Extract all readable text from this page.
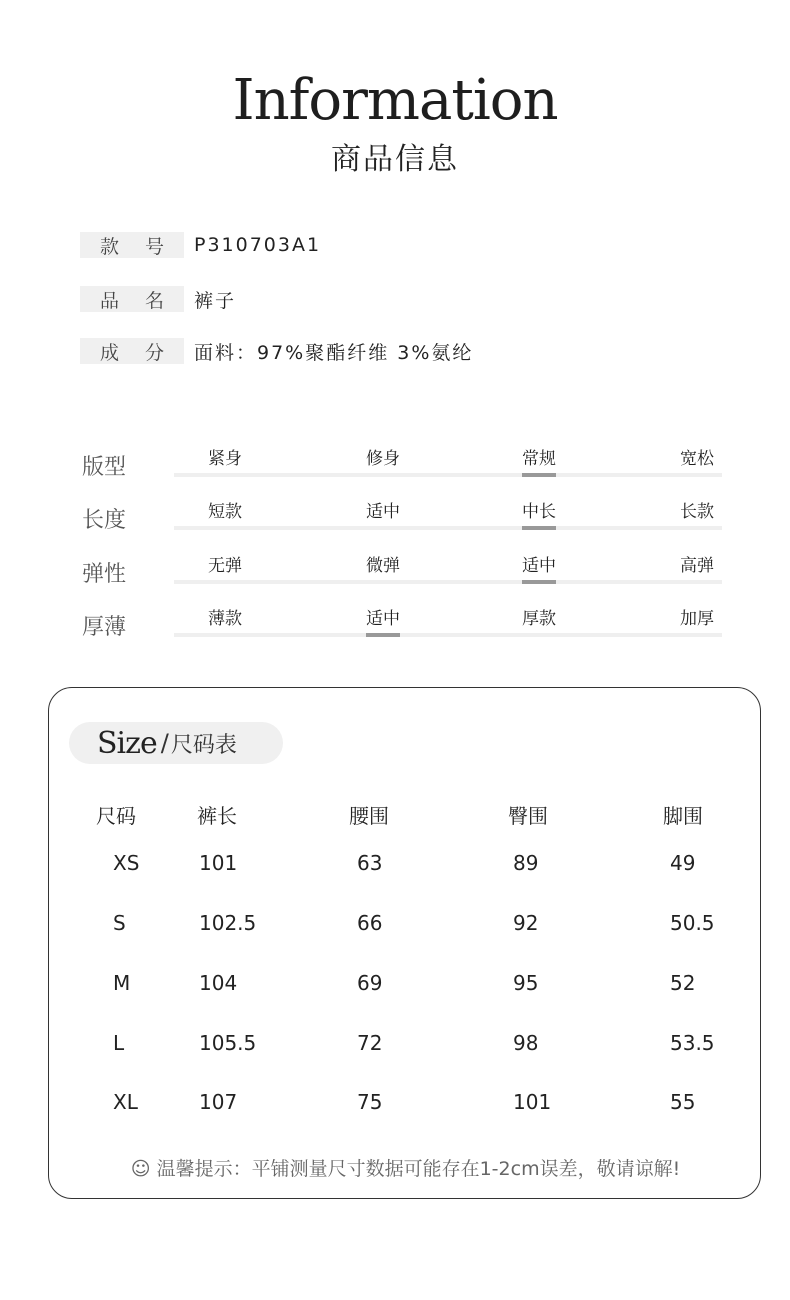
Information
商品信息
款 号 P310703A1
品 名 裤子
成 分 面料：97%聚酯纤维 3%氨纶
版型	紧身	修身	常规	宽松
长度	短款	适中	中长	长款
弹性	无弹	微弹	适中	高弹
厚薄	薄款	适中	厚款	加厚
Size / 尺码表
尺码	裤长	腰围	臀围	脚围
XS	101	63	89	49
S	102.5	66	92	50.5
M	104	69	95	52
L	105.5	72	98	53.5
XL	107	75	101	55
☺ 温馨提示：平铺测量尺寸数据可能存在1-2cm误差，敬请谅解!
